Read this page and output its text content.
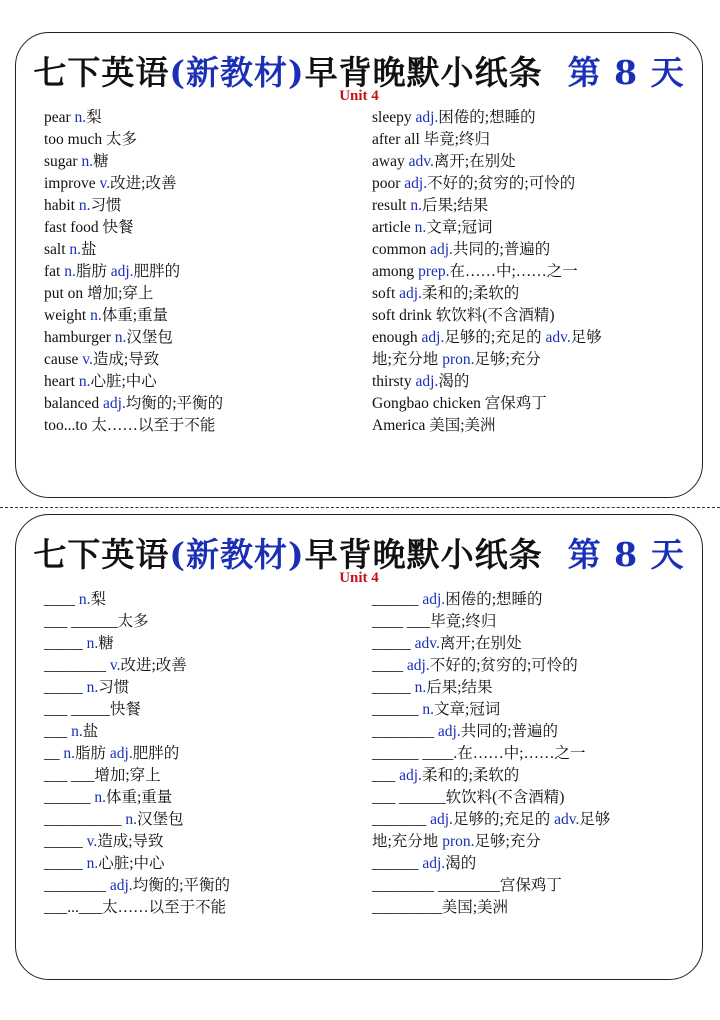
七下英语(新教材)早背晚默小纸条 第 8 天
Unit 4
pear n.梨
too much 太多
sugar n.糖
improve v.改进;改善
habit n.习惯
fast food 快餐
salt n.盐
fat n.脂肪 adj.肥胖的
put on 增加;穿上
weight n.体重;重量
hamburger n.汉堡包
cause v.造成;导致
heart n.心脏;中心
balanced adj.均衡的;平衡的
too...to 太……以至于不能
sleepy adj.困倦的;想睡的
after all 毕竟;终归
away adv.离开;在别处
poor adj.不好的;贫穷的;可怜的
result n.后果;结果
article n.文章;冠词
common adj.共同的;普遍的
among prep.在……中;……之一
soft adj.柔和的;柔软的
soft drink 软饮料(不含酒精)
enough adj.足够的;充足的 adv.足够
地;充分地 pron.足够;充分
thirsty adj.渴的
Gongbao chicken 宫保鸡丁
America 美国;美洲
七下英语(新教材)早背晚默小纸条 第 8 天
Unit 4
____ n.梨
___ ______太多
_____ n.糖
________ v.改进;改善
_____ n.习惯
___ _____快餐
___ n.盐
__ n.脂肪 adj.肥胖的
___ ___增加;穿上
______ n.体重;重量
__________ n.汉堡包
_____ v.造成;导致
_____ n.心脏;中心
________ adj.均衡的;平衡的
___...___太……以至于不能
______ adj.困倦的;想睡的
____ ___毕竟;终归
_____ adv.离开;在别处
____ adj.不好的;贫穷的;可怜的
_____ n.后果;结果
______ n.文章;冠词
________ adj.共同的;普遍的
______ ____.在……中;……之一
___ adj.柔和的;柔软的
___ ______软饮料(不含酒精)
_______ adj.足够的;充足的 adv.足够
地;充分地 pron.足够;充分
______ adj.渴的
________ ________宫保鸡丁
_________美国;美洲
